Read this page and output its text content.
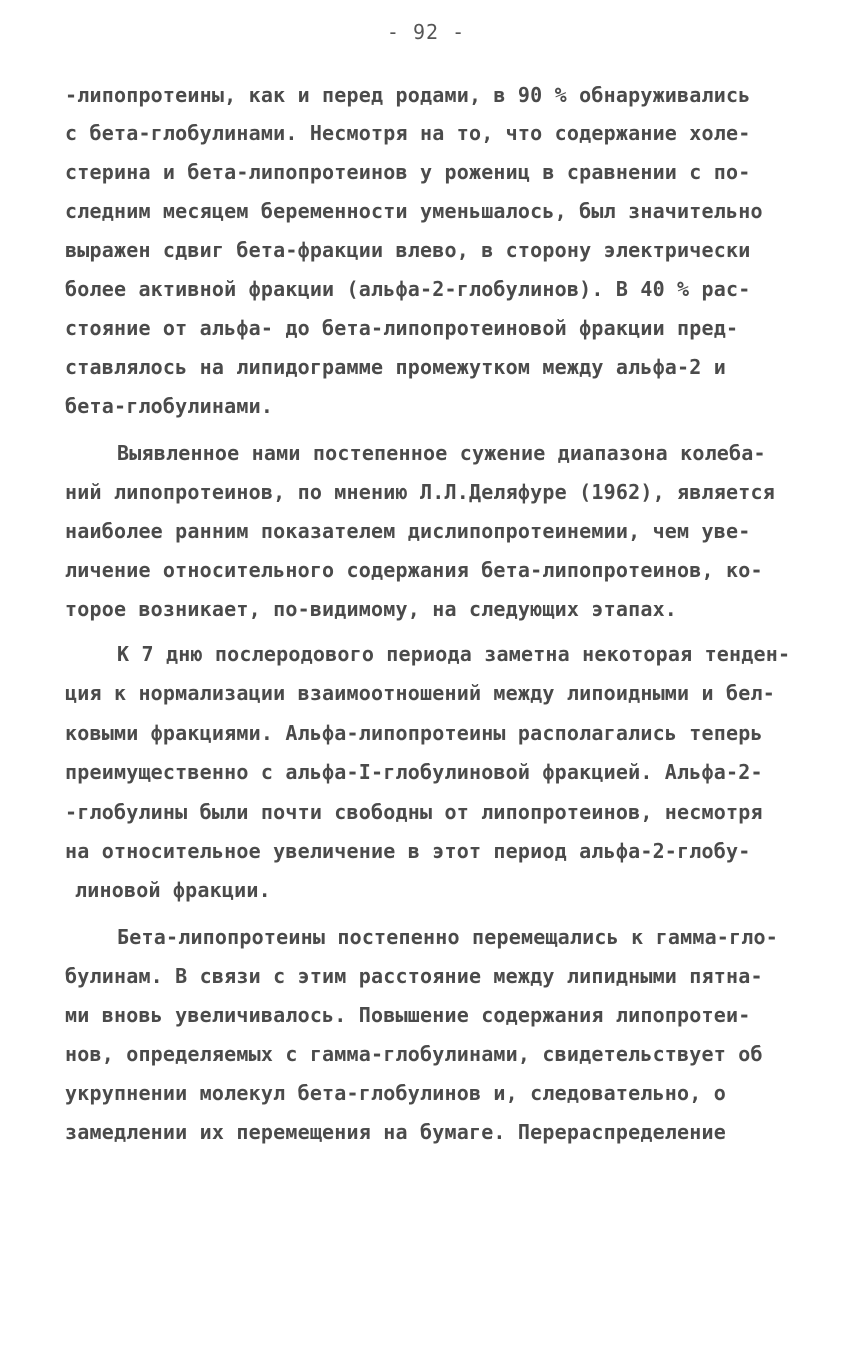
- 92 -
-липопротеины, как и перед родами, в 90 % обнаруживались
с бета-глобулинами. Несмотря на то, что содержание холе-
стерина и бета-липопротеинов у рожениц в сравнении с по-
следним месяцем беременности уменьшалось, был значительно
выражен сдвиг бета-фракции влево, в сторону электрически
более активной фракции (альфа-2-глобулинов). В 40 % рас-
стояние от альфа- до бета-липопротеиновой фракции пред-
ставлялось на липидограмме промежутком между альфа-2 и
бета-глобулинами.
Выявленное нами постепенное сужение диапазона колеба-
ний липопротеинов, по мнению Л.Л.Деляфуре (1962), является
наиболее ранним показателем дислипопротеинемии, чем уве-
личение относительного содержания бета-липопротеинов, ко-
торое возникает, по-видимому, на следующих этапах.
К 7 дню послеродового периода заметна некоторая тенден-
ция к нормализации взаимоотношений между липоидными и бел-
ковыми фракциями. Альфа-липопротеины располагались теперь
преимущественно с альфа-I-глобулиновой фракцией. Альфа-2-
-глобулины были почти свободны от липопротеинов, несмотря
на относительное увеличение в этот период альфа-2-глобу-
линовой фракции.
Бета-липопротеины постепенно перемещались к гамма-гло-
булинам. В связи с этим расстояние между липидными пятна-
ми вновь увеличивалось. Повышение содержания липопротеи-
нов, определяемых с гамма-глобулинами, свидетельствует об
укрупнении молекул бета-глобулинов и, следовательно, о
замедлении их перемещения на бумаге. Перераспределение
